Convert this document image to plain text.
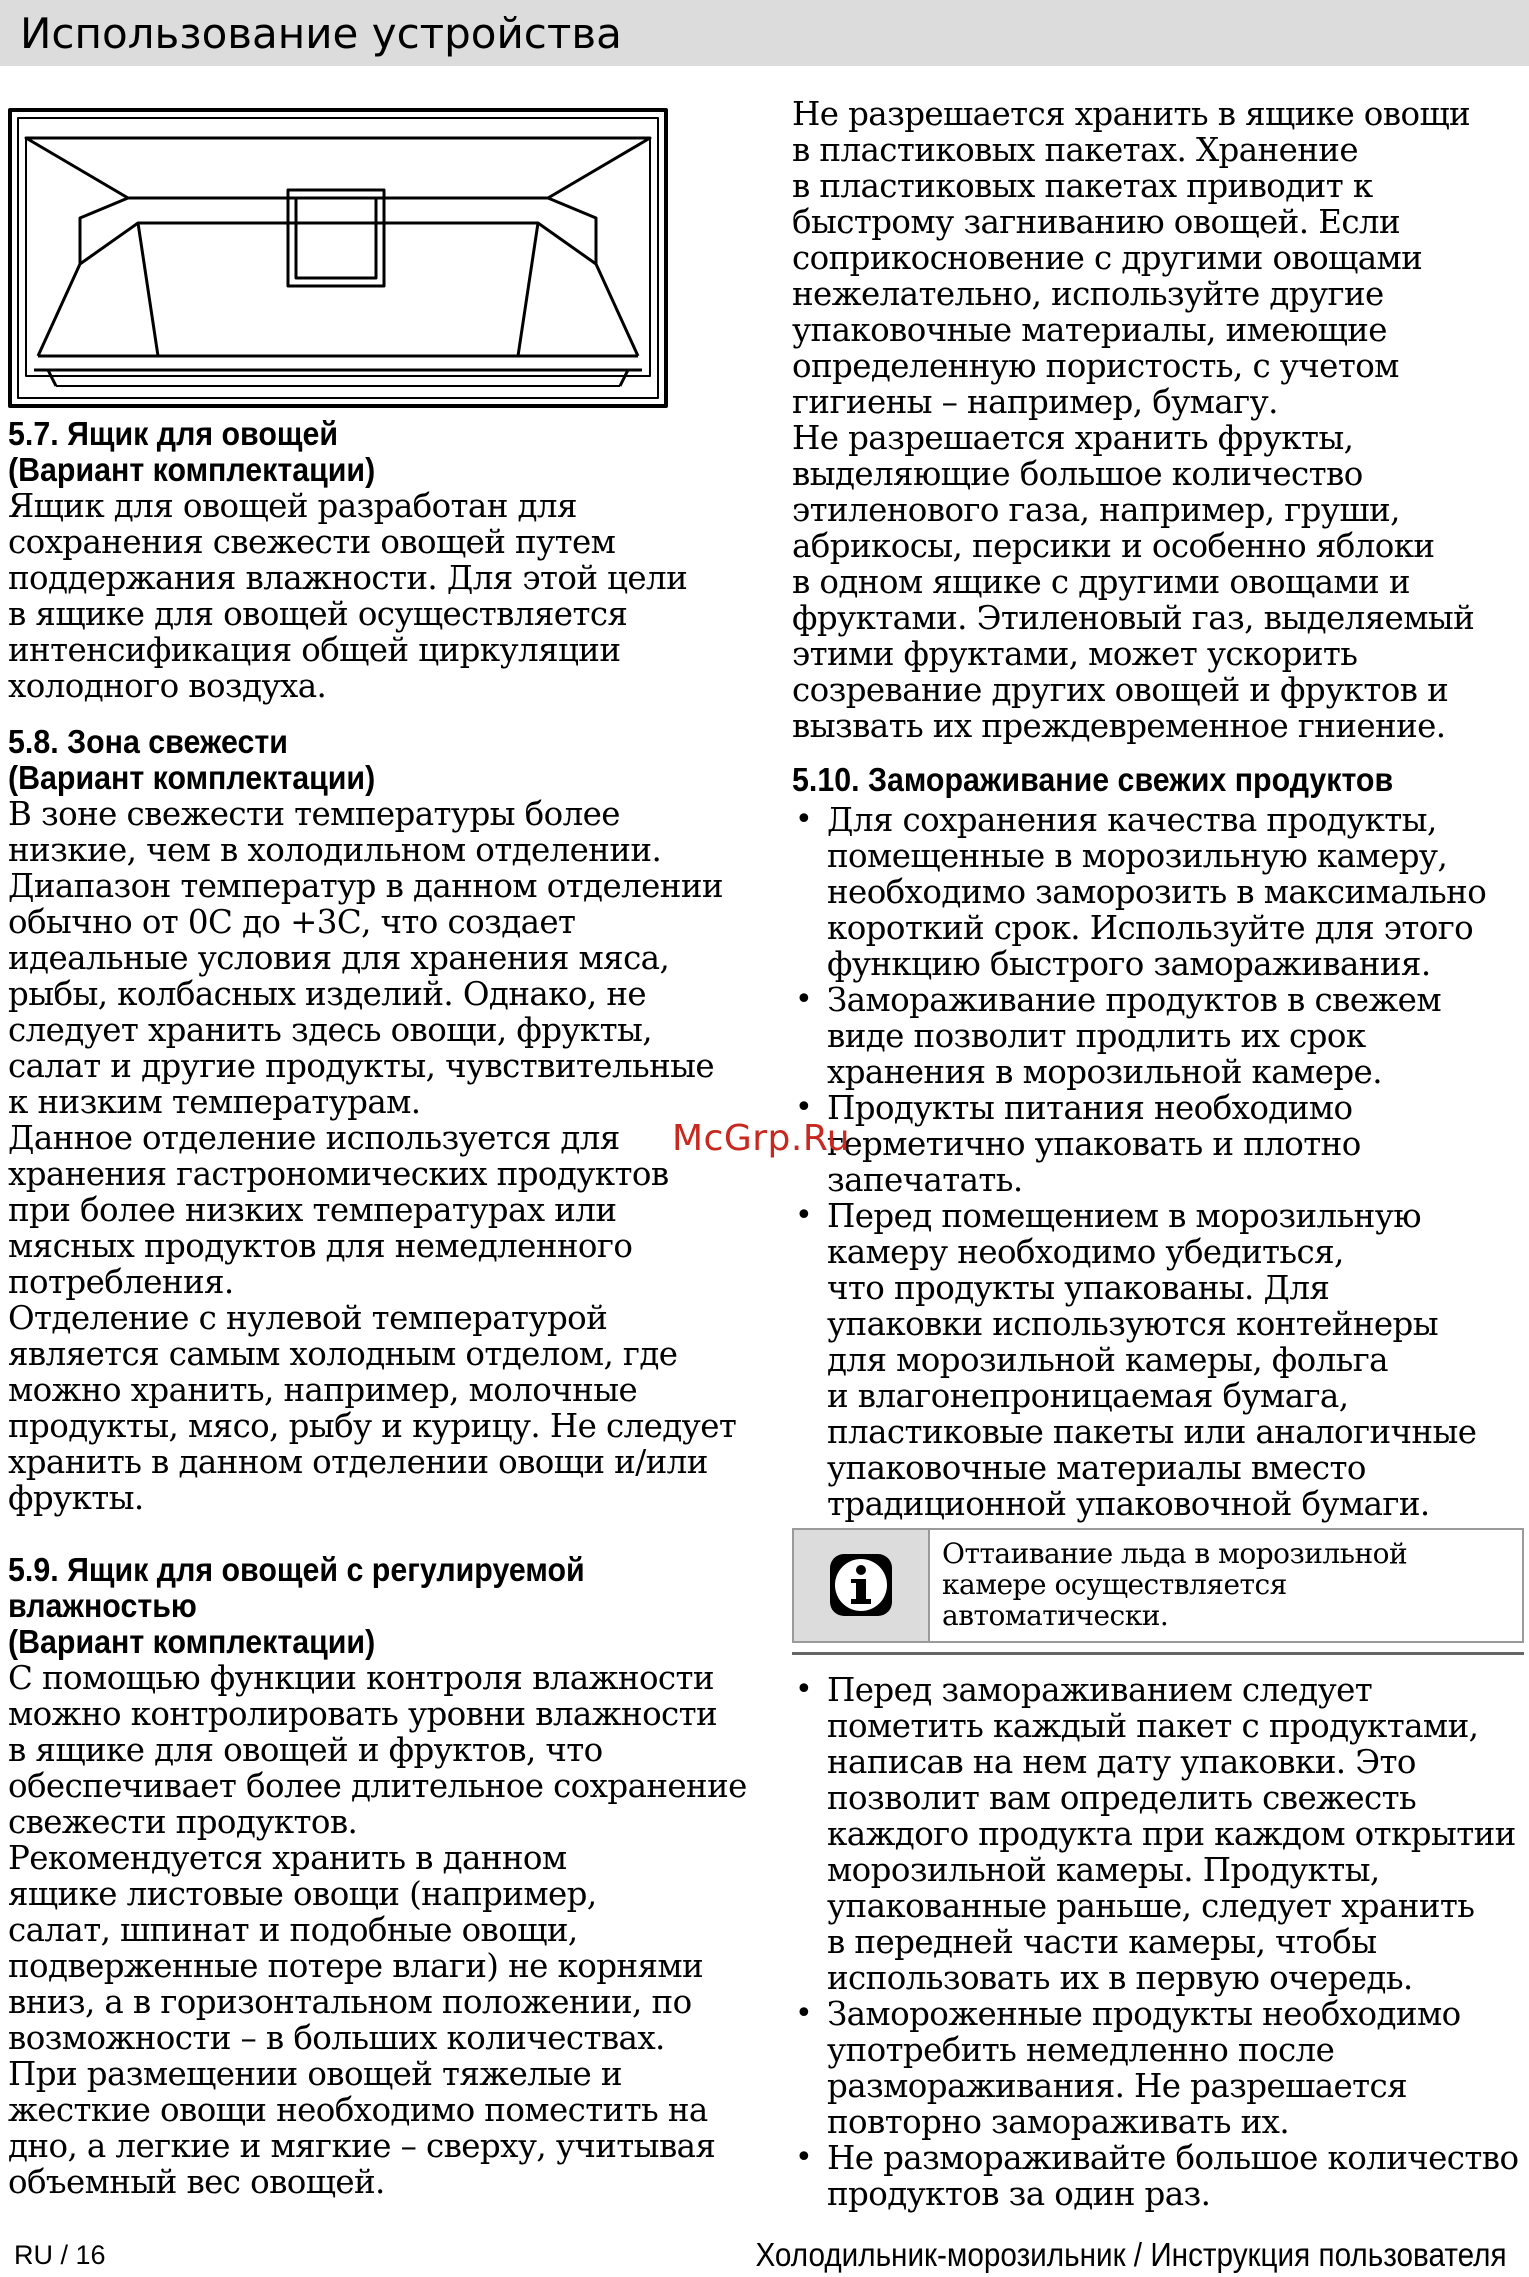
Использование устройства
5.7. Ящик для овощей
(Вариант комплектации)
Ящик для овощей разработан для
сохранения свежести овощей путем
поддержания влажности. Для этой цели
в ящике для овощей осуществляется
интенсификация общей циркуляции
холодного воздуха.
5.8. Зона свежести
(Вариант комплектации)
В зоне свежести температуры более
низкие, чем в холодильном отделении.
Диапазон температур в данном отделении
обычно от 0С до +3С, что создает
идеальные условия для хранения мяса,
рыбы, колбасных изделий. Однако, не
следует хранить здесь овощи, фрукты,
салат и другие продукты, чувствительные
к низким температурам.
Данное отделение используется для
хранения гастрономических продуктов
при более низких температурах или
мясных продуктов для немедленного
потребления.
Отделение с нулевой температурой
является самым холодным отделом, где
можно хранить, например, молочные
продукты, мясо, рыбу и курицу. Не следует
хранить в данном отделении овощи и/или
фрукты.
5.9. Ящик для овощей с регулируемой
влажностью
(Вариант комплектации)
С помощью функции контроля влажности
можно контролировать уровни влажности
в ящике для овощей и фруктов, что
обеспечивает более длительное сохранение
свежести продуктов.
Рекомендуется хранить в данном
ящике листовые овощи (например,
салат, шпинат и подобные овощи,
подверженные потере влаги) не корнями
вниз, а в горизонтальном положении, по
возможности – в больших количествах.
При размещении овощей тяжелые и
жесткие овощи необходимо поместить на
дно, а легкие и мягкие – сверху, учитывая
объемный вес овощей.
Не разрешается хранить в ящике овощи
в пластиковых пакетах. Хранение
в пластиковых пакетах приводит к
быстрому загниванию овощей. Если
соприкосновение с другими овощами
нежелательно, используйте другие
упаковочные материалы, имеющие
определенную пористость, с учетом
гигиены – например, бумагу.
Не разрешается хранить фрукты,
выделяющие большое количество
этиленового газа, например, груши,
абрикосы, персики и особенно яблоки
в одном ящике с другими овощами и
фруктами. Этиленовый газ, выделяемый
этими фруктами, может ускорить
созревание других овощей и фруктов и
вызвать их преждевременное гниение.
5.10. Замораживание свежих продуктов
• Для сохранения качества продукты,
помещенные в морозильную камеру,
необходимо заморозить в максимально
короткий срок. Используйте для этого
функцию быстрого замораживания.
• Замораживание продуктов в свежем
виде позволит продлить их срок
хранения в морозильной камере.
• Продукты питания необходимо
герметично упаковать и плотно
запечатать.
• Перед помещением в морозильную
камеру необходимо убедиться,
что продукты упакованы. Для
упаковки используются контейнеры
для морозильной камеры, фольга
и влагонепроницаемая бумага,
пластиковые пакеты или аналогичные
упаковочные материалы вместо
традиционной упаковочной бумаги.
Оттаивание льда в морозильной
камере осуществляется
автоматически.
• Перед замораживанием следует
пометить каждый пакет с продуктами,
написав на нем дату упаковки. Это
позволит вам определить свежесть
каждого продукта при каждом открытии
морозильной камеры. Продукты,
упакованные раньше, следует хранить
в передней части камеры, чтобы
использовать их в первую очередь.
• Замороженные продукты необходимо
употребить немедленно после
размораживания. Не разрешается
повторно замораживать их.
• Не размораживайте большое количество
продуктов за один раз.
McGrp.Ru
RU / 16	Холодильник-морозильник / Инструкция пользователя
